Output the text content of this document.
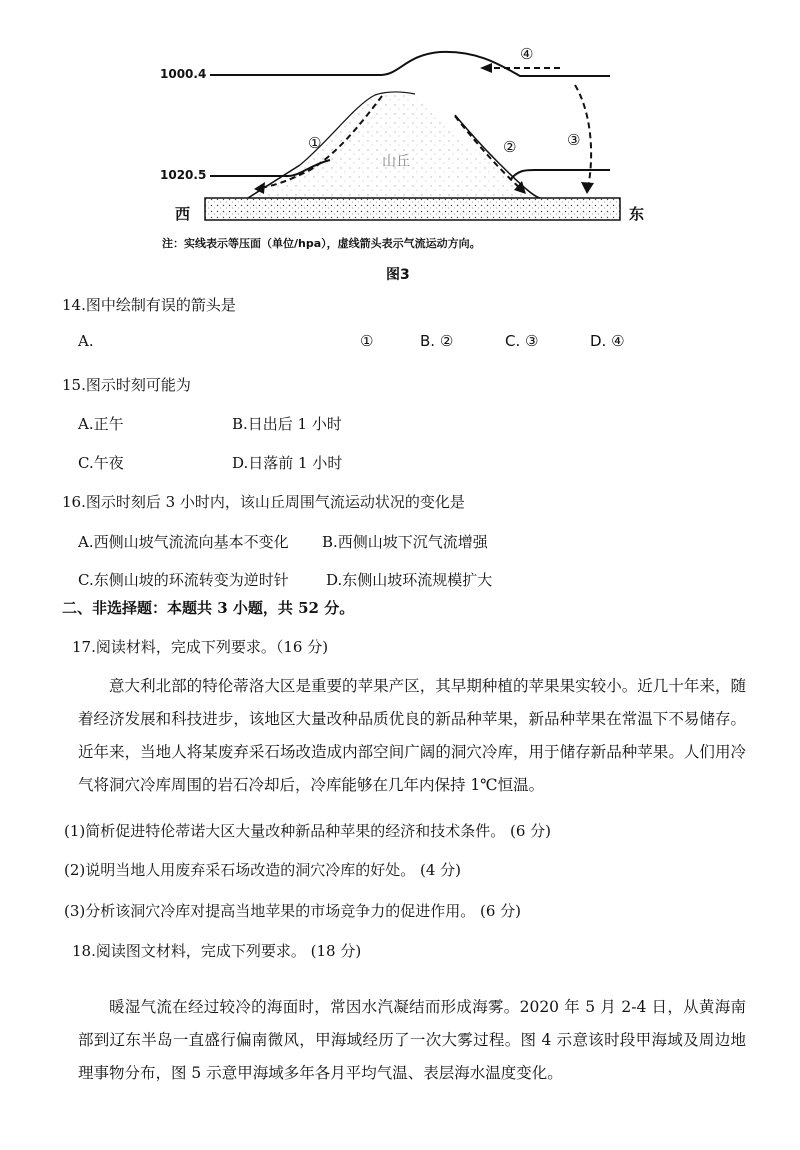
①	②	③
④
山丘
1000.4
1020.5
西	东
注：实线表示等压面（单位/hpa），虚线箭头表示气流运动方向。
图3
14.图中绘制有误的箭头是
A.	①	B. ②	C. ③	D. ④
15.图示时刻可能为
A.正午	B.日出后 1 小时
C.午夜	D.日落前 1 小时
16.图示时刻后 3 小时内，该山丘周围气流运动状况的变化是
A.西侧山坡气流流向基本不变化 B.西侧山坡下沉气流增强
C.东侧山坡的环流转变为逆时针 D.东侧山坡环流规模扩大
二、非选择题：本题共 3 小题，共 52 分。
17.阅读材料，完成下列要求。（16 分)
意大利北部的特伦蒂洛大区是重要的苹果产区，其早期种植的苹果果实较小。近几十年来，随着经济发展和科技进步，该地区大量改种品质优良的新品种苹果，新品种苹果在常温下不易储存。近年来，当地人将某废弃采石场改造成内部空间广阔的洞穴冷库，用于储存新品种苹果。人们用冷气将洞穴冷库周围的岩石冷却后，冷库能够在几年内保持 1℃恒温。
(1)简析促进特伦蒂诺大区大量改种新品种苹果的经济和技术条件。 (6 分)
(2)说明当地人用废弃采石场改造的洞穴冷库的好处。 (4 分)
(3)分析该洞穴冷库对提高当地苹果的市场竞争力的促进作用。 (6 分)
18.阅读图文材料，完成下列要求。 (18 分)
暖湿气流在经过较冷的海面时，常因水汽凝结而形成海雾。2020 年 5 月 2-4 日，从黄海南部到辽东半岛一直盛行偏南微风，甲海域经历了一次大雾过程。图 4 示意该时段甲海域及周边地理事物分布，图 5 示意甲海域多年各月平均气温、表层海水温度变化。
